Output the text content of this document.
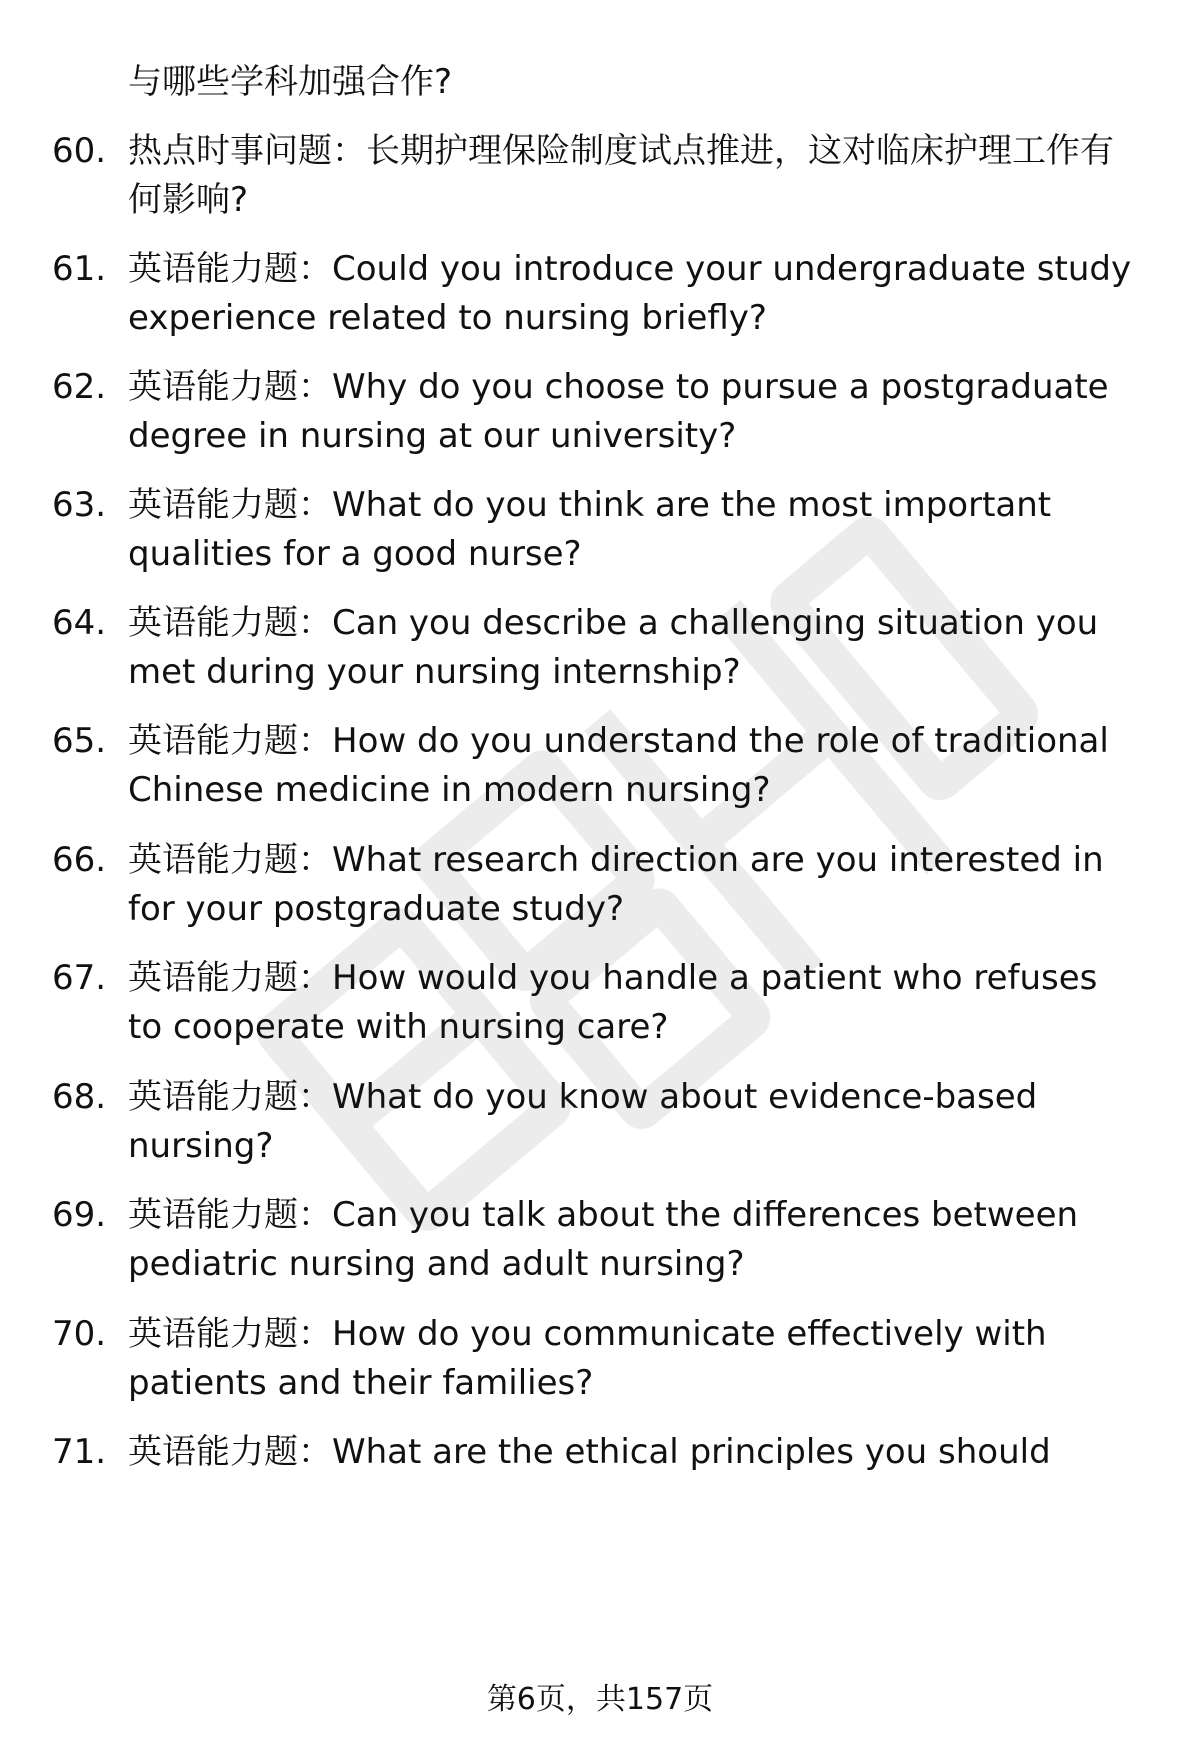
与哪些学科加强合作?

60. 热点时事问题：长期护理保险制度试点推进，这对临床护理工作有何影响?
61. 英语能力题：Could you introduce your undergraduate study experience related to nursing briefly?
62. 英语能力题：Why do you choose to pursue a postgraduate degree in nursing at our university?
63. 英语能力题：What do you think are the most important qualities for a good nurse?
64. 英语能力题：Can you describe a challenging situation you met during your nursing internship?
65. 英语能力题：How do you understand the role of traditional Chinese medicine in modern nursing?
66. 英语能力题：What research direction are you interested in for your postgraduate study?
67. 英语能力题：How would you handle a patient who refuses to cooperate with nursing care?
68. 英语能力题：What do you know about evidence-based nursing?
69. 英语能力题：Can you talk about the differences between pediatric nursing and adult nursing?
70. 英语能力题：How do you communicate effectively with patients and their families?
71. 英语能力题：What are the ethical principles you should
第6页，共157页
